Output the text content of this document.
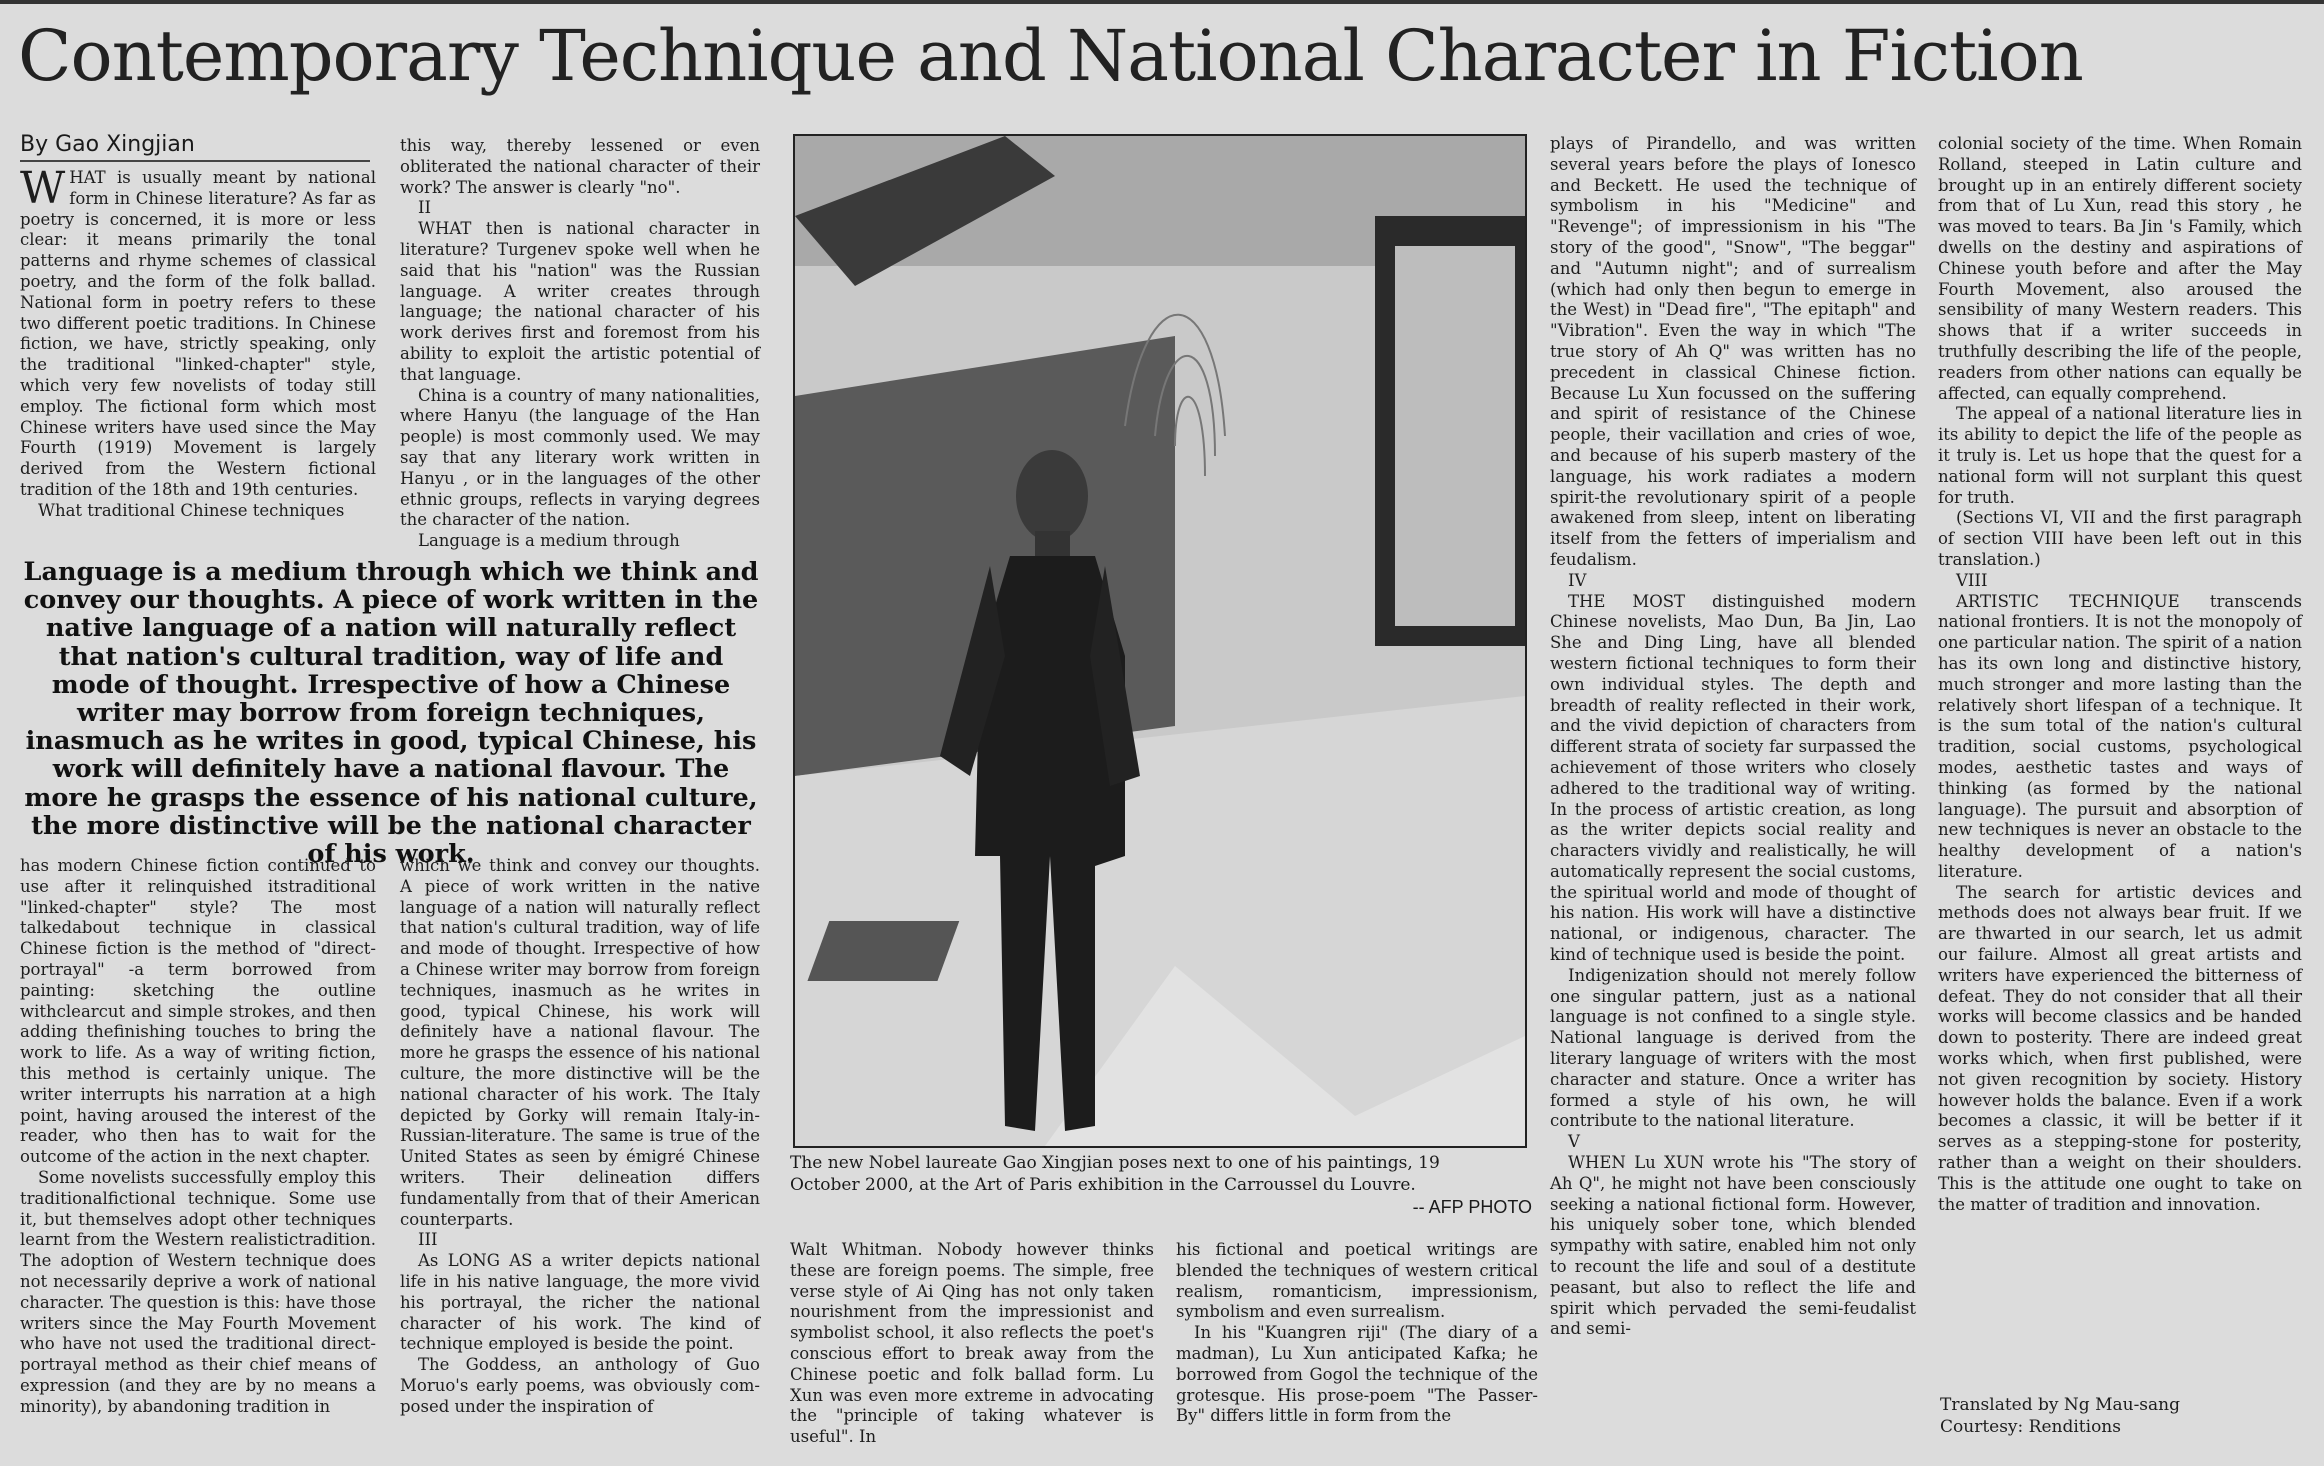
Contemporary Technique and National Character in Fiction
By Gao Xingjian

WHAT is usually meant by national form in Chinese literature? As far as poetry is concerned, it is more or less clear: it means primarily the tonal patterns and rhyme schemes of classical poetry, and the form of the folk ballad. National form in poetry refers to these two different poetic traditions. In Chinese fiction, we have, strictly speaking, only the traditional "linked-chapter" style, which very few novelists of today still employ. The fictional form which most Chinese writers have used since the May Fourth (1919) Movement is largely derived from the Western fictional tradition of the 18th and 19th centuries.

What traditional Chinese techniques

this way, thereby lessened or even obliterated the national character of their work? The answer is clearly "no".

II

WHAT then is national character in literature? Turgenev spoke well when he said that his "nation" was the Russian language. A writer creates through language; the national character of his work derives first and foremost from his ability to exploit the artistic potential of that language.

China is a country of many nationalities, where Hanyu (the language of the Han people) is most commonly used. We may say that any literary work written in Hanyu , or in the languages of the other ethnic groups, reflects in varying degrees the character of the nation.

Language is a medium through

Language is a medium through which we think and convey our thoughts. A piece of work written in the native language of a nation will naturally reflect that nation's cultural tradition, way of life and mode of thought. Irrespective of how a Chinese writer may borrow from foreign techniques, inasmuch as he writes in good, typical Chinese, his work will definitely have a national flavour. The more he grasps the essence of his national culture, the more distinctive will be the national character of his work.

has modern Chinese fiction continued to use after it relinquished itstraditional "linked-chapter" style? The most talkedabout technique in classical Chinese fiction is the method of "direct-portrayal" -a term borrowed from painting: sketching the outline withclearcut and simple strokes, and then adding thefinishing touches to bring the work to life. As a way of writing fiction, this method is certainly unique. The writer interrupts his narration at a high point, having aroused the interest of the reader, who then has to wait for the outcome of the action in the next chapter.

Some novelists successfully employ this traditionalfictional technique. Some use it, but themselves adopt other techniques learnt from the Western realistictradition. The adoption of Western technique does not necessarily deprive a work of national character. The question is this: have those writers since the May Fourth Movement who have not used the traditional direct-portrayal method as their chief means of expression (and they are by no means a minority), by abandoning tradition in

which we think and convey our thoughts. A piece of work written in the native language of a nation will naturally reflect that nation's cultural tradition, way of life and mode of thought. Irrespective of how a Chinese writer may borrow from foreign techniques, inasmuch as he writes in good, typical Chinese, his work will definitely have a national flavour. The more he grasps the essence of his national culture, the more distinctive will be the national character of his work. The Italy depicted by Gorky will remain Italy-in-Russian-literature. The same is true of the United States as seen by émigré Chinese writers. Their delineation differs fundamentally from that of their American counterparts.

III

As LONG AS a writer depicts national life in his native language, the more vivid his portrayal, the richer the national character of his work. The kind of technique employed is beside the point.

The Goddess, an anthology of Guo Moruo's early poems, was obviously com- posed under the inspiration of

The new Nobel laureate Gao Xingjian poses next to one of his paintings, 19 October 2000, at the Art of Paris exhibition in the Carroussel du Louvre.
-- AFP PHOTO

Walt Whitman. Nobody however thinks these are foreign poems. The simple, free verse style of Ai Qing has not only taken nourishment from the impressionist and symbolist school, it also reflects the poet's conscious effort to break away from the Chinese poetic and folk ballad form. Lu Xun was even more extreme in advocating the "principle of taking whatever is useful". In

his fictional and poetical writings are blended the techniques of western critical realism, romanticism, impressionism, symbolism and even surrealism.

In his "Kuangren riji" (The diary of a madman), Lu Xun anticipated Kafka; he borrowed from Gogol the technique of the grotesque. His prose-poem "The Passer-By" differs little in form from the

plays of Pirandello, and was written several years before the plays of Ionesco and Beckett. He used the technique of symbolism in his "Medicine" and "Revenge"; of impressionism in his "The story of the good", "Snow", "The beggar" and "Autumn night"; and of surrealism (which had only then begun to emerge in the West) in "Dead fire", "The epitaph" and "Vibration". Even the way in which "The true story of Ah Q" was written has no precedent in classical Chinese fiction. Because Lu Xun focussed on the suffering and spirit of resistance of the Chinese people, their vacillation and cries of woe, and because of his superb mastery of the language, his work radiates a modern spirit-the revolutionary spirit of a people awakened from sleep, intent on liberating itself from the fetters of imperialism and feudalism.

IV

THE MOST distinguished modern Chinese novelists, Mao Dun, Ba Jin, Lao She and Ding Ling, have all blended western fictional techniques to form their own individual styles. The depth and breadth of reality reflected in their work, and the vivid depiction of characters from different strata of society far surpassed the achievement of those writers who closely adhered to the traditional way of writing. In the process of artistic creation, as long as the writer depicts social reality and characters vividly and realistically, he will automatically represent the social customs, the spiritual world and mode of thought of his nation. His work will have a distinctive national, or indigenous, character. The kind of technique used is beside the point.

Indigenization should not merely follow one singular pattern, just as a national language is not confined to a single style. National language is derived from the literary language of writers with the most character and stature. Once a writer has formed a style of his own, he will contribute to the national literature.

V

WHEN Lu XUN wrote his "The story of Ah Q", he might not have been consciously seeking a national fictional form. However, his uniquely sober tone, which blended sympathy with satire, enabled him not only to recount the life and soul of a destitute peasant, but also to reflect the life and spirit which pervaded the semi-feudalist and semi-

colonial society of the time. When Romain Rolland, steeped in Latin culture and brought up in an entirely different society from that of Lu Xun, read this story , he was moved to tears. Ba Jin 's Family, which dwells on the destiny and aspirations of Chinese youth before and after the May Fourth Movement, also aroused the sensibility of many Western readers. This shows that if a writer succeeds in truthfully describing the life of the people, readers from other nations can equally be affected, can equally comprehend.

The appeal of a national literature lies in its ability to depict the life of the people as it truly is. Let us hope that the quest for a national form will not surplant this quest for truth.

(Sections VI, VII and the first paragraph of section VIII have been left out in this translation.)

VIII

ARTISTIC TECHNIQUE transcends national frontiers. It is not the monopoly of one particular nation. The spirit of a nation has its own long and distinctive history, much stronger and more lasting than the relatively short lifespan of a technique. It is the sum total of the nation's cultural tradition, social customs, psychological modes, aesthetic tastes and ways of thinking (as formed by the national language). The pursuit and absorption of new techniques is never an obstacle to the healthy development of a nation's literature.

The search for artistic devices and methods does not always bear fruit. If we are thwarted in our search, let us admit our failure. Almost all great artists and writers have experienced the bitterness of defeat. They do not consider that all their works will become classics and be handed down to posterity. There are indeed great works which, when first published, were not given recognition by society. History however holds the balance. Even if a work becomes a classic, it will be better if it serves as a stepping-stone for posterity, rather than a weight on their shoulders. This is the attitude one ought to take on the matter of tradition and innovation.

Translated by Ng Mau-sang
Courtesy: Renditions
